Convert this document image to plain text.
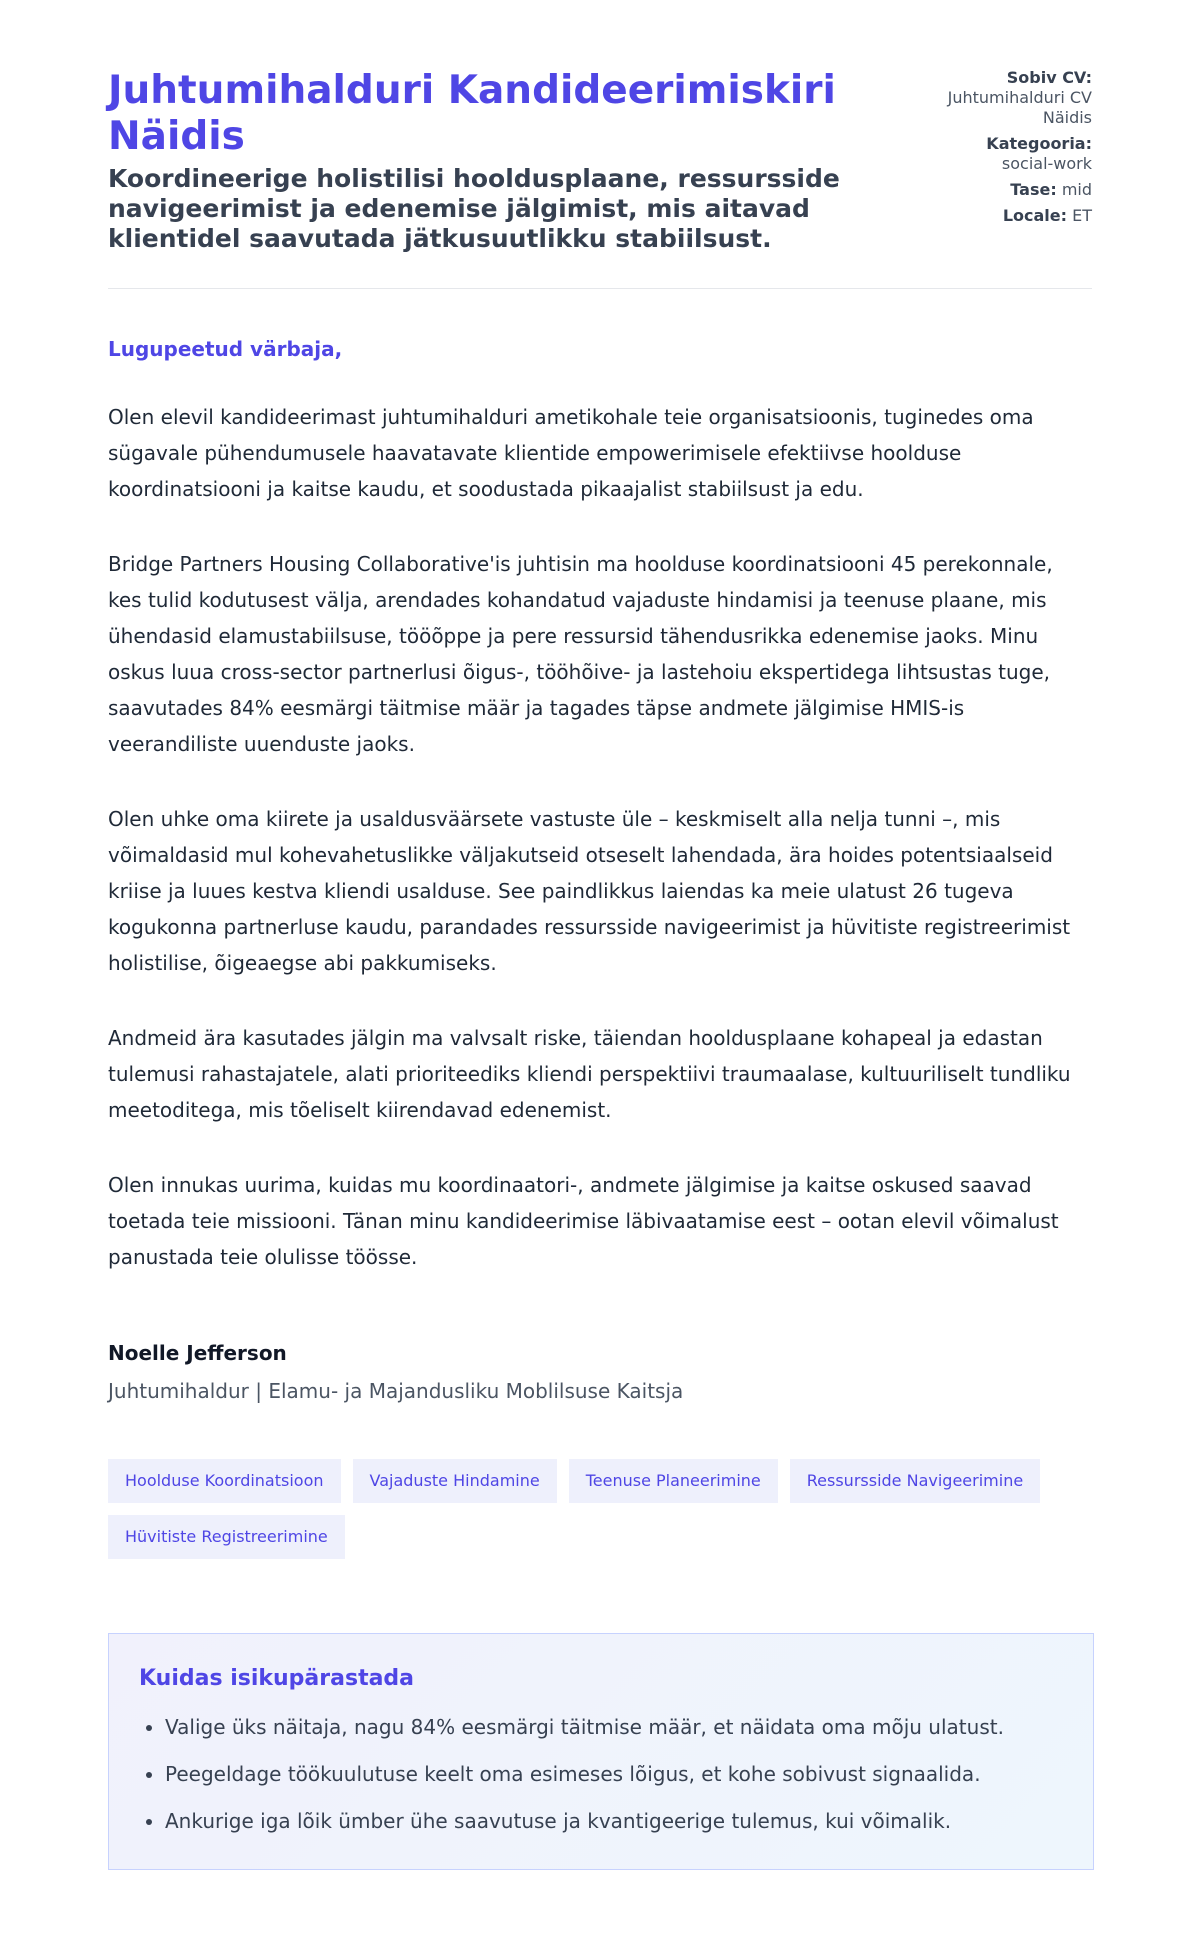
Juhtumihalduri Kandideerimiskiri Näidis

Koordineerige holistilisi hooldusplaane, ressursside navigeerimist ja edenemise jälgimist, mis aitavad klientidel saavutada jätkusuutlikku stabiilsust.

Sobiv CV:
Juhtumihalduri CV Näidis
Kategooria:
social-work
Tase: mid
Locale: ET

Lugupeetud värbaja,

Olen elevil kandideerimast juhtumihalduri ametikohale teie organisatsioonis, tuginedes oma sügavale pühendumusele haavatavate klientide empowerimisele efektiivse hoolduse koordinatsiooni ja kaitse kaudu, et soodustada pikaajalist stabiilsust ja edu.

Bridge Partners Housing Collaborative'is juhtisin ma hoolduse koordinatsiooni 45 perekonnale, kes tulid kodutusest välja, arendades kohandatud vajaduste hindamisi ja teenuse plaane, mis ühendasid elamustabiilsuse, tööõppe ja pere ressursid tähendusrikka edenemise jaoks. Minu oskus luua cross-sector partnerlusi õigus-, tööhõive- ja lastehoiu ekspertidega lihtsustas tuge, saavutades 84% eesmärgi täitmise määr ja tagades täpse andmete jälgimise HMIS-is veerandiliste uuenduste jaoks.

Olen uhke oma kiirete ja usaldusväärsete vastuste üle – keskmiselt alla nelja tunni –, mis võimaldasid mul kohevahetuslikke väljakutseid otseselt lahendada, ära hoides potentsiaalseid kriise ja luues kestva kliendi usalduse. See paindlikkus laiendas ka meie ulatust 26 tugeva kogukonna partnerluse kaudu, parandades ressursside navigeerimist ja hüvitiste registreerimist holistilise, õigeaegse abi pakkumiseks.

Andmeid ära kasutades jälgin ma valvsalt riske, täiendan hooldusplaane kohapeal ja edastan tulemusi rahastajatele, alati prioriteediks kliendi perspektiivi traumaalase, kultuuriliselt tundliku meetoditega, mis tõeliselt kiirendavad edenemist.

Olen innukas uurima, kuidas mu koordinaatori-, andmete jälgimise ja kaitse oskused saavad toetada teie missiooni. Tänan minu kandideerimise läbivaatamise eest – ootan elevil võimalust panustada teie olulisse töösse.

Noelle Jefferson
Juhtumihaldur | Elamu- ja Majandusliku Moblilsuse Kaitsja
Hoolduse Koordinatsioon	Vajaduste Hindamine	Teenuse Planeerimine	Ressursside Navigeerimine
Hüvitiste Registreerimine
Kuidas isikupärastada
• Valige üks näitaja, nagu 84% eesmärgi täitmise määr, et näidata oma mõju ulatust.
• Peegeldage töökuulutuse keelt oma esimeses lõigus, et kohe sobivust signaalida.
• Ankurige iga lõik ümber ühe saavutuse ja kvantigeerige tulemus, kui võimalik.
